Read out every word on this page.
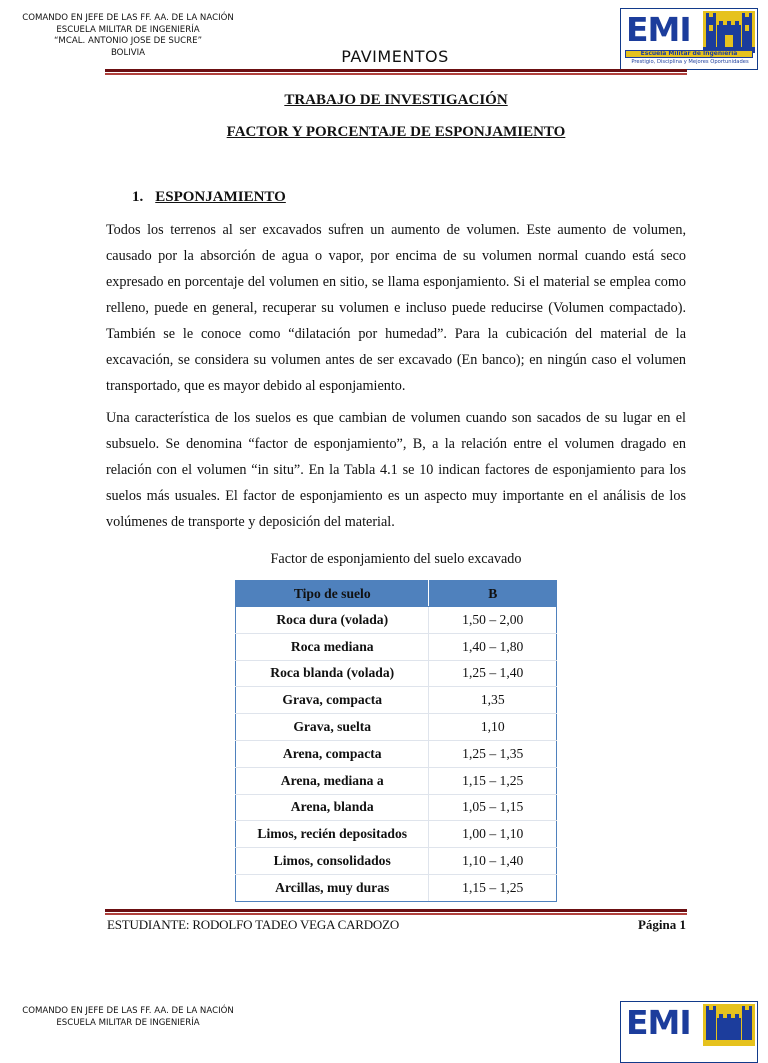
COMANDO EN JEFE DE LAS FF. AA. DE LA NACIÓN
ESCUELA MILITAR DE INGENIERÍA
“MCAL. ANTONIO JOSE DE SUCRE”
BOLIVIA	PAVIMENTOS
EMI
Escuela Militar de Ingeniería
Prestigio, Disciplina y Mejores Oportunidades
TRABAJO DE INVESTIGACIÓN
FACTOR Y PORCENTAJE DE ESPONJAMIENTO
1. ESPONJAMIENTO

Todos los terrenos al ser excavados sufren un aumento de volumen. Este aumento de volumen, causado por la absorción de agua o vapor, por encima de su volumen normal cuando está seco expresado en porcentaje del volumen en sitio, se llama esponjamiento. Si el material se emplea como relleno, puede en general, recuperar su volumen e incluso puede reducirse (Volumen compactado). También se le conoce como “dilatación por humedad”. Para la cubicación del material de la excavación, se considera su volumen antes de ser excavado (En banco); en ningún caso el volumen transportado, que es mayor debido al esponjamiento.

Una característica de los suelos es que cambian de volumen cuando son sacados de su lugar en el subsuelo. Se denomina “factor de esponjamiento”, B, a la relación entre el volumen dragado en relación con el volumen “in situ”. En la Tabla 4.1 se 10 indican factores de esponjamiento para los suelos más usuales. El factor de esponjamiento es un aspecto muy importante en el análisis de los volúmenes de transporte y deposición del material.

Factor de esponjamiento del suelo excavado
Tipo de suelo	B
Roca dura (volada)	1,50 – 2,00
Roca mediana	1,40 – 1,80
Roca blanda (volada)	1,25 – 1,40
Grava, compacta	1,35
Grava, suelta	1,10
Arena, compacta	1,25 – 1,35
Arena, mediana a	1,15 – 1,25
Arena, blanda	1,05 – 1,15
Limos, recién depositados	1,00 – 1,10
Limos, consolidados	1,10 – 1,40
Arcillas, muy duras	1,15 – 1,25
ESTUDIANTE: RODOLFO TADEO VEGA CARDOZO	Página 1
COMANDO EN JEFE DE LAS FF. AA. DE LA NACIÓN
ESCUELA MILITAR DE INGENIERÍA	EMI
